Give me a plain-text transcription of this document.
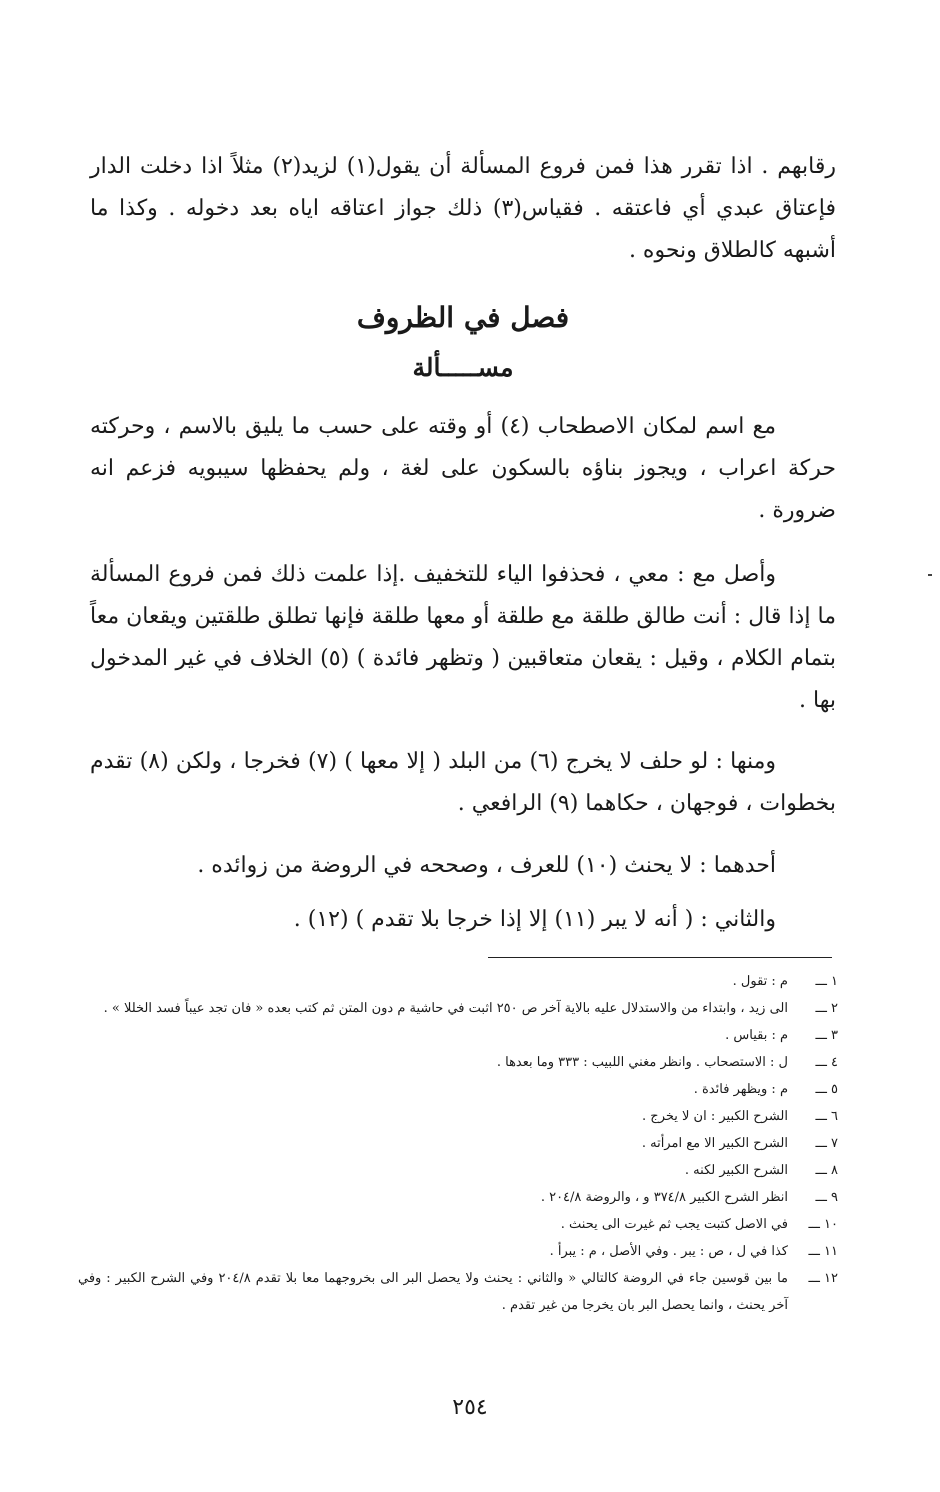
رقابهم . اذا تقرر هذا فمن فروع المسألة أن يقول(١) لزيد(٢) مثلاً اذا دخلت الدار فإعتاق عبدي أي فاعتقه . فقياس(٣) ذلك جواز اعتاقه اياه بعد دخوله . وكذا ما أشبهه كالطلاق ونحوه .

فصل في الظروف
مســـــألة

مع اسم لمكان الاصطحاب (٤) أو وقته على حسب ما يليق بالاسم ، وحركته حركة اعراب ، ويجوز بناؤه بالسكون على لغة ، ولم يحفظها سيبويه فزعم انه ضرورة .

وأصل مع : معي ، فحذفوا الياء للتخفيف .إذا علمت ذلك فمن فروع المسألة ما إذا قال : أنت طالق طلقة مع طلقة أو معها طلقة فإنها تطلق طلقتين ويقعان معاً بتمام الكلام ، وقيل : يقعان متعاقبين ( وتظهر فائدة ) (٥) الخلاف في غير المدخول بها .

ومنها : لو حلف لا يخرج (٦) من البلد ( إلا معها ) (٧) فخرجا ، ولكن (٨) تقدم بخطوات ، فوجهان ، حكاهما (٩) الرافعي .

أحدهما : لا يحنث (١٠) للعرف ، وصححه في الروضة من زوائده .

والثاني : ( أنه لا يبر (١١) إلا إذا خرجا بلا تقدم ) (١٢) .

١ ـــ
م : تقول .
٢ ـــ
الى زيد ، وابتداء من والاستدلال عليه بالاية آخر ص ٢٥٠ اثبت في حاشية م دون المتن ثم كتب بعده « فان تجد عيباً فسد الخللا » .
٣ ـــ
م : بقياس .
٤ ـــ
ل : الاستصحاب . وانظر مغني اللبيب : ٣٣٣ وما بعدها .
٥ ـــ
م : ويظهر فائدة .
٦ ـــ
الشرح الكبير : ان لا يخرج .
٧ ـــ
الشرح الكبير الا مع امرأته .
٨ ـــ
الشرح الكبير لكنه .
٩ ـــ
انظر الشرح الكبير ٣٧٤/٨ و ، والروضة ٢٠٤/٨ .
١٠ ـــ
في الاصل كتبت يجب ثم غيرت الى يحنث .
١١ ـــ
كذا في ل ، ص : يبر . وفي الأصل ، م : يبرأ .
١٢ ـــ
ما بين قوسين جاء في الروضة كالتالي « والثاني : يحنث ولا يحصل البر الى بخروجهما معا بلا تقدم ٢٠٤/٨ وفي الشرح الكبير : وفي آخر يحنث ، وانما يحصل البر بان يخرجا من غير تقدم .

٢٥٤
